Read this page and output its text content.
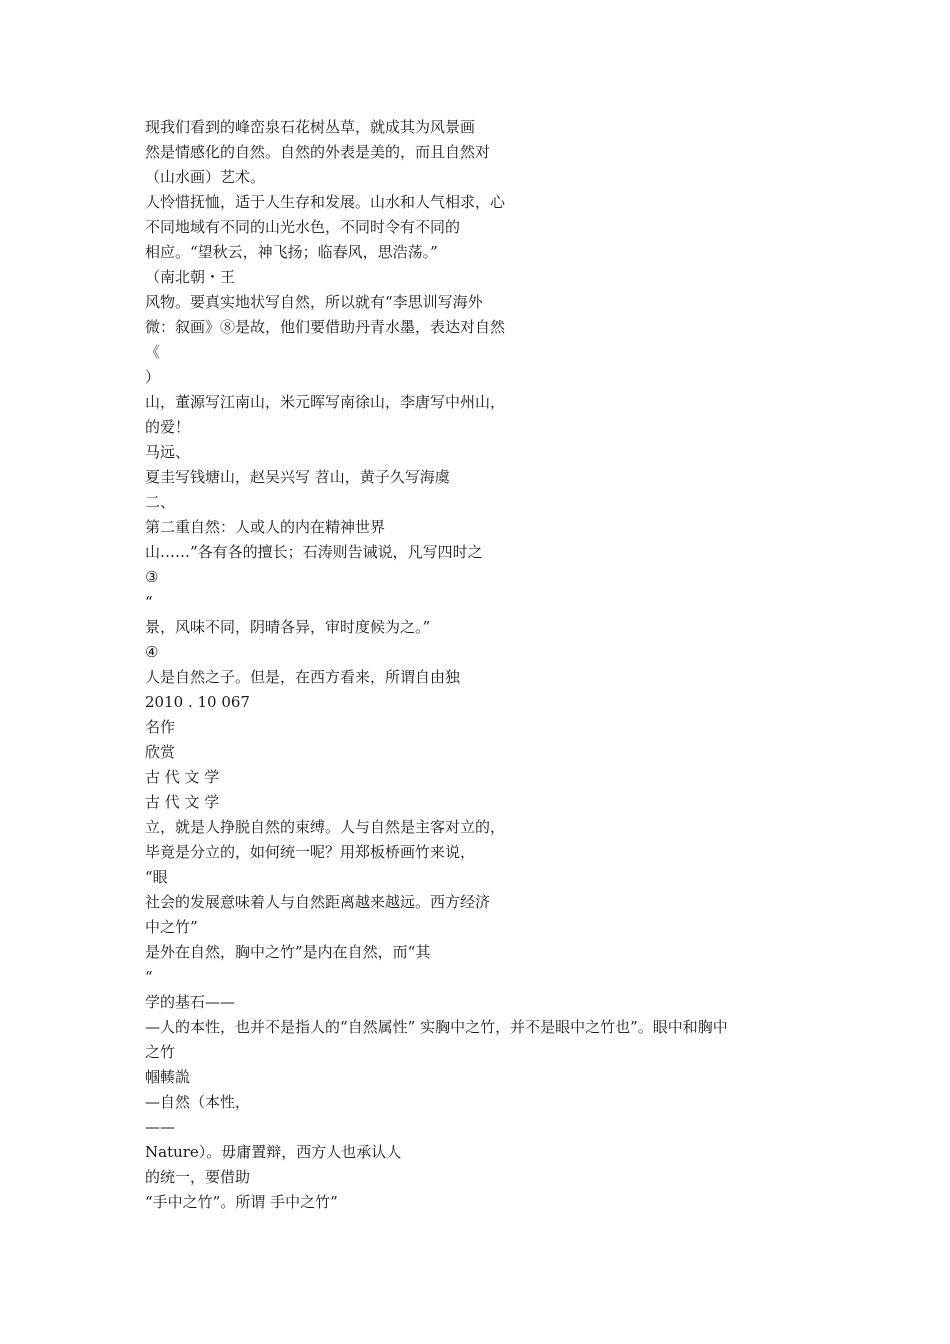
现我们看到的峰峦泉石花树丛草，就成其为风景画

然是情感化的自然。自然的外表是美的，而且自然对

（山水画）艺术。

人怜惜抚恤，适于人生存和发展。山水和人气相求，心

不同地域有不同的山光水色，不同时令有不同的

相应。“望秋云，神飞扬；临春风，思浩荡。”

（南北朝・王

风物。要真实地状写自然，所以就有“李思训写海外

微：叙画》⑧是故，他们要借助丹青水墨，表达对自然

《

）

山，董源写江南山，米元晖写南徐山，李唐写中州山，

的爱！

马远、

夏圭写钱塘山，赵吴兴写 苕山，黄子久写海虞

二、

第二重自然：人或人的内在精神世界

山……”各有各的擅长；石涛则告诫说，凡写四时之

③

“

景，风味不同，阴晴各异，审时度候为之。”

④

人是自然之子。但是，在西方看来，所谓自由独

2010 . 10 067

名作

欣赏

古 代 文 学

古 代 文 学

立，就是人挣脱自然的束缚。人与自然是主客对立的，

毕竟是分立的，如何统一呢？用郑板桥画竹来说，

“眼

社会的发展意味着人与自然距离越来越远。西方经济

中之竹”

是外在自然，胸中之竹”是内在自然，而“其

“

学的基石——

—人的本性，也并不是指人的“自然属性” 实胸中之竹，并不是眼中之竹也”。眼中和胸中

之竹

帼輳詤

—自然（本性，

——

Nature）。毋庸置辩，西方人也承认人

的统一，要借助

“手中之竹”。所谓 手中之竹”
